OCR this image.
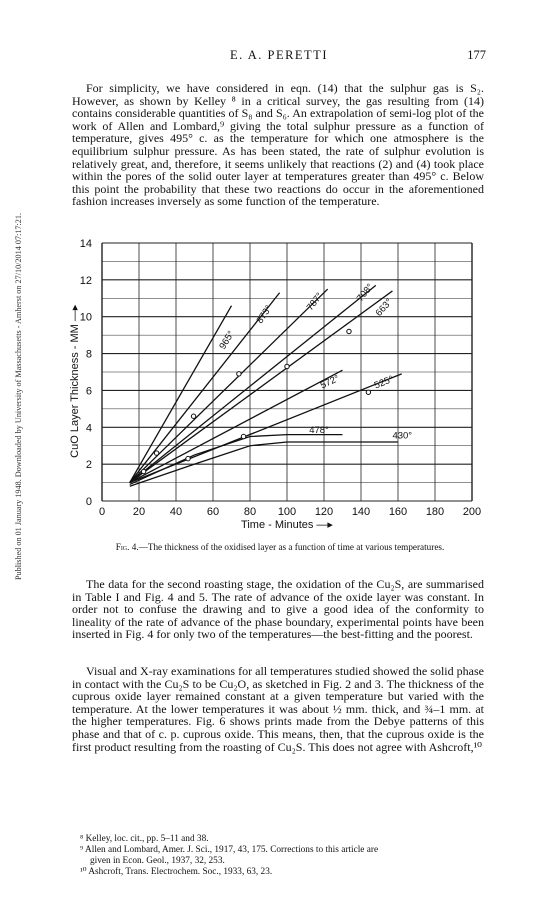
Published on 01 January 1948. Downloaded by University of Massachusetts - Amherst on 27/10/2014 07:17:21.
E. A. PERETTI	177

For simplicity, we have considered in eqn. (14) that the sulphur gas is S₂. However, as shown by Kelley ⁸ in a critical survey, the gas resulting from (14) contains considerable quantities of S₈ and S₆. An extrapolation of semi-log plot of the work of Allen and Lombard,⁹ giving the total sulphur pressure as a function of temperature, gives 495° c. as the temperature for which one atmosphere is the equilibrium sulphur pressure. As has been stated, the rate of sulphur evolution is relatively great, and, therefore, it seems unlikely that reactions (2) and (4) took place within the pores of the solid outer layer at temperatures greater than 495° c. Below this point the probability that these two reactions do occur in the aforementioned fashion increases inversely as some function of the temperature.

0	20 40 60 80 100 120 140 160 180 200
0
2
4
6
8
10
12
14
Time - Minutes —▸
CuO Layer Thickness - MM —▸	965°
873°
787°	708°
663°
572°	525°
478°
430°
Fig. 4.—The thickness of the oxidised layer as a function of time at various temperatures.

The data for the second roasting stage, the oxidation of the Cu₂S, are summarised in Table I and Fig. 4 and 5. The rate of advance of the oxide layer was constant. In order not to confuse the drawing and to give a good idea of the conformity to lineality of the rate of advance of the phase boundary, experimental points have been inserted in Fig. 4 for only two of the temperatures—the best-fitting and the poorest.

Visual and X-ray examinations for all temperatures studied showed the solid phase in contact with the Cu₂S to be Cu₂O, as sketched in Fig. 2 and 3. The thickness of the cuprous oxide layer remained constant at a given temperature but varied with the temperature. At the lower temperatures it was about ½ mm. thick, and ¾–1 mm. at the higher temperatures. Fig. 6 shows prints made from the Debye patterns of this phase and that of c. p. cuprous oxide. This means, then, that the cuprous oxide is the first product resulting from the roasting of Cu₂S. This does not agree with Ashcroft,¹⁰

⁸ Kelley, loc. cit., pp. 5–11 and 38.

⁹ Allen and Lombard, Amer. J. Sci., 1917, 43, 175. Corrections to this article are

given in Econ. Geol., 1937, 32, 253.

¹⁰ Ashcroft, Trans. Electrochem. Soc., 1933, 63, 23.
